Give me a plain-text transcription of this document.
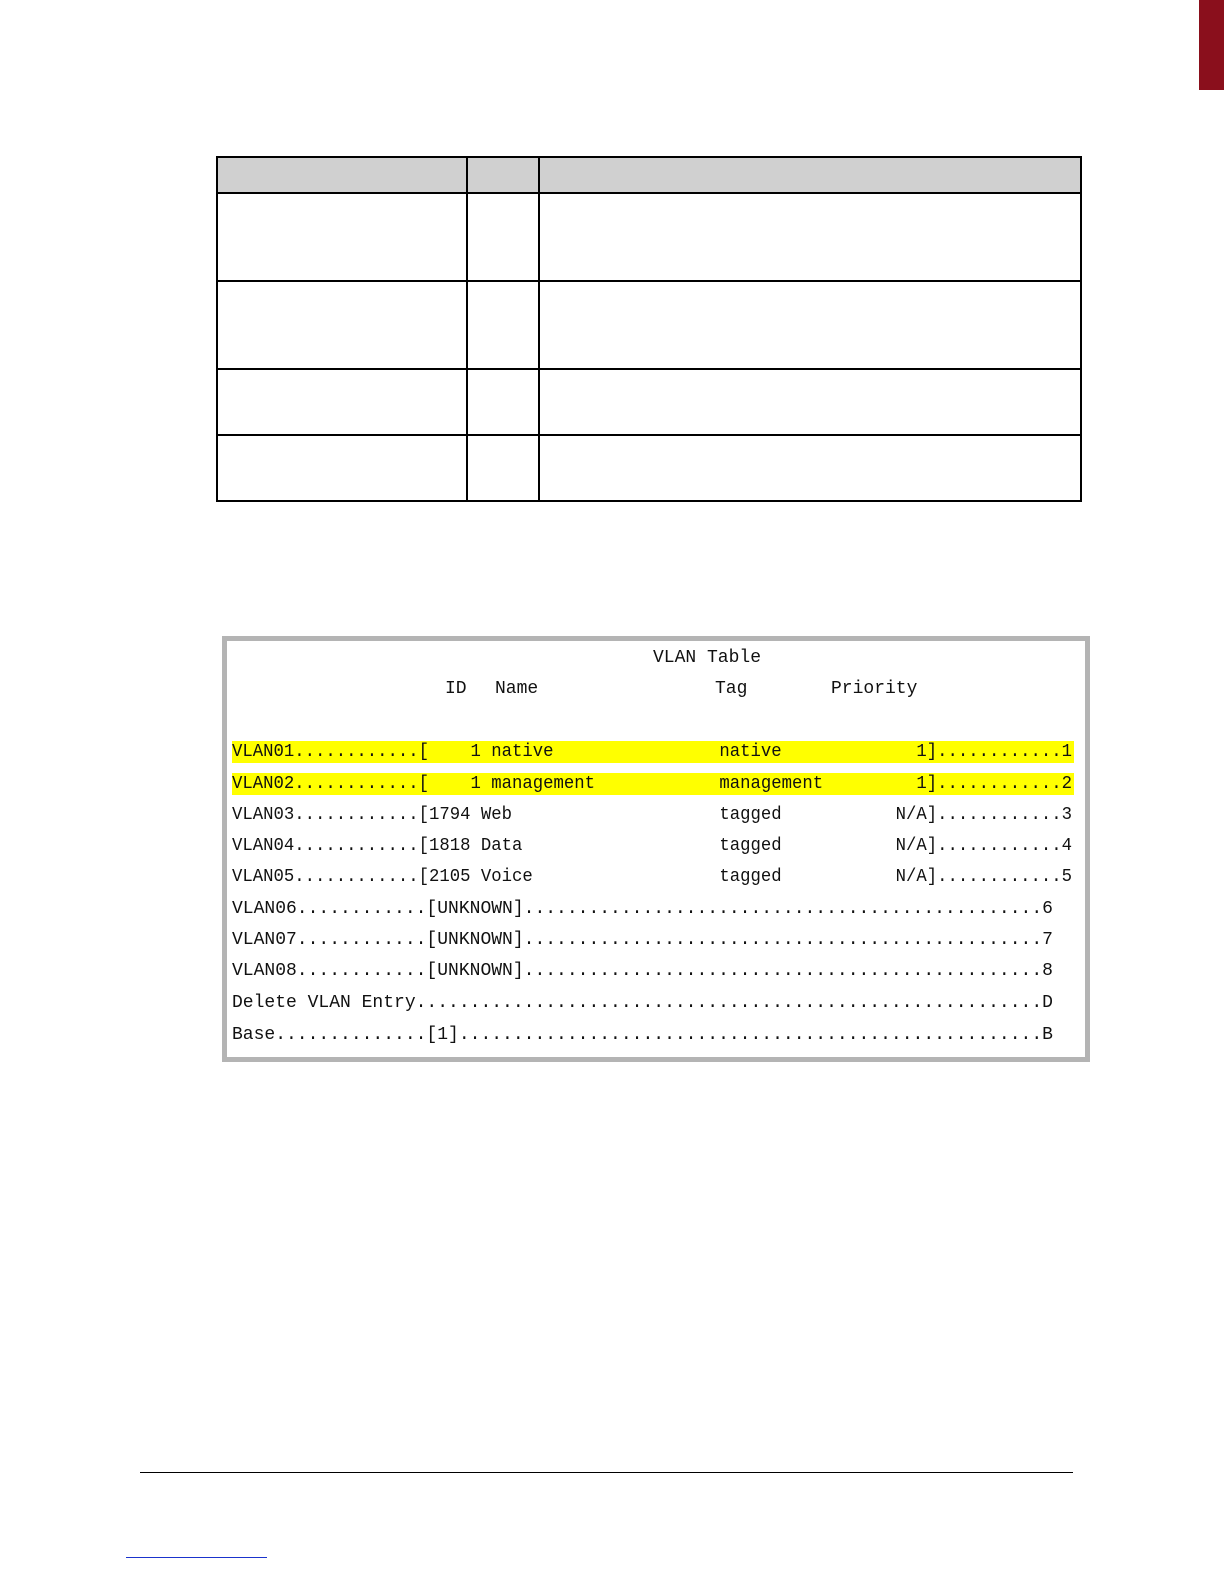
VLAN Table
ID Name	Tag	Priority
VLAN01............[    1 native                native             1]............1
VLAN02............[    1 management            management         1]............2
VLAN03............[1794 Web                    tagged           N/A]............3
VLAN04............[1818 Data                   tagged           N/A]............4
VLAN05............[2105 Voice                  tagged           N/A]............5
VLAN06............[UNKNOWN]................................................6
VLAN07............[UNKNOWN]................................................7
VLAN08............[UNKNOWN]................................................8
Delete VLAN Entry..........................................................D
Base..............[1]......................................................B
